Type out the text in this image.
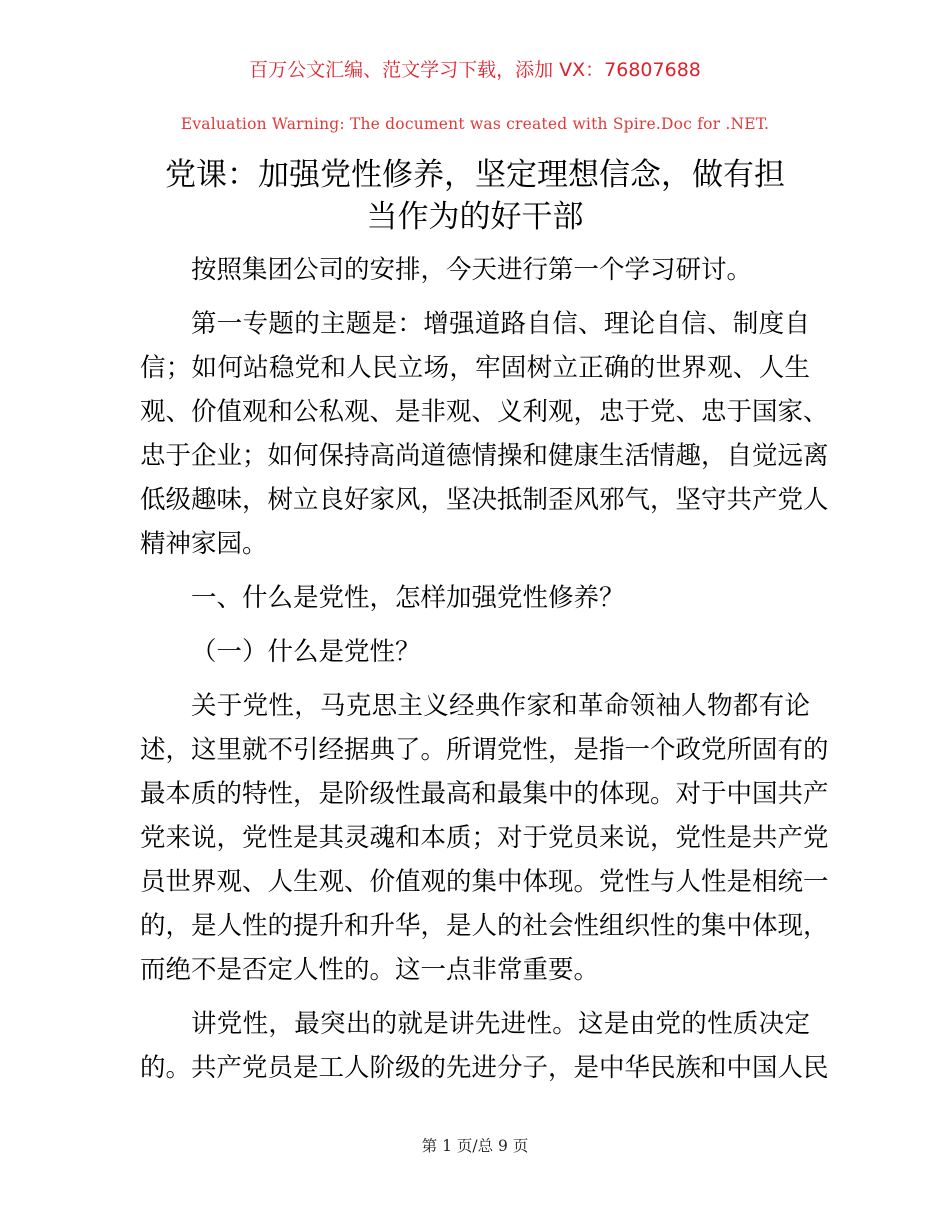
百万公文汇编、范文学习下载，添加 VX：76807688
Evaluation Warning: The document was created with Spire.Doc for .NET.
党课：加强党性修养，坚定理想信念，做有担
当作为的好干部
按照集团公司的安排，今天进行第一个学习研讨。
第一专题的主题是：增强道路自信、理论自信、制度自
信；如何站稳党和人民立场，牢固树立正确的世界观、人生
观、价值观和公私观、是非观、义利观，忠于党、忠于国家、
忠于企业；如何保持高尚道德情操和健康生活情趣，自觉远离
低级趣味，树立良好家风，坚决抵制歪风邪气，坚守共产党人
精神家园。
一、什么是党性，怎样加强党性修养？
（一）什么是党性？
关于党性，马克思主义经典作家和革命领袖人物都有论
述，这里就不引经据典了。所谓党性，是指一个政党所固有的
最本质的特性，是阶级性最高和最集中的体现。对于中国共产
党来说，党性是其灵魂和本质；对于党员来说，党性是共产党
员世界观、人生观、价值观的集中体现。党性与人性是相统一
的，是人性的提升和升华，是人的社会性组织性的集中体现，
而绝不是否定人性的。这一点非常重要。
讲党性，最突出的就是讲先进性。这是由党的性质决定
的。共产党员是工人阶级的先进分子，是中华民族和中国人民
第 1 页/总 9 页
